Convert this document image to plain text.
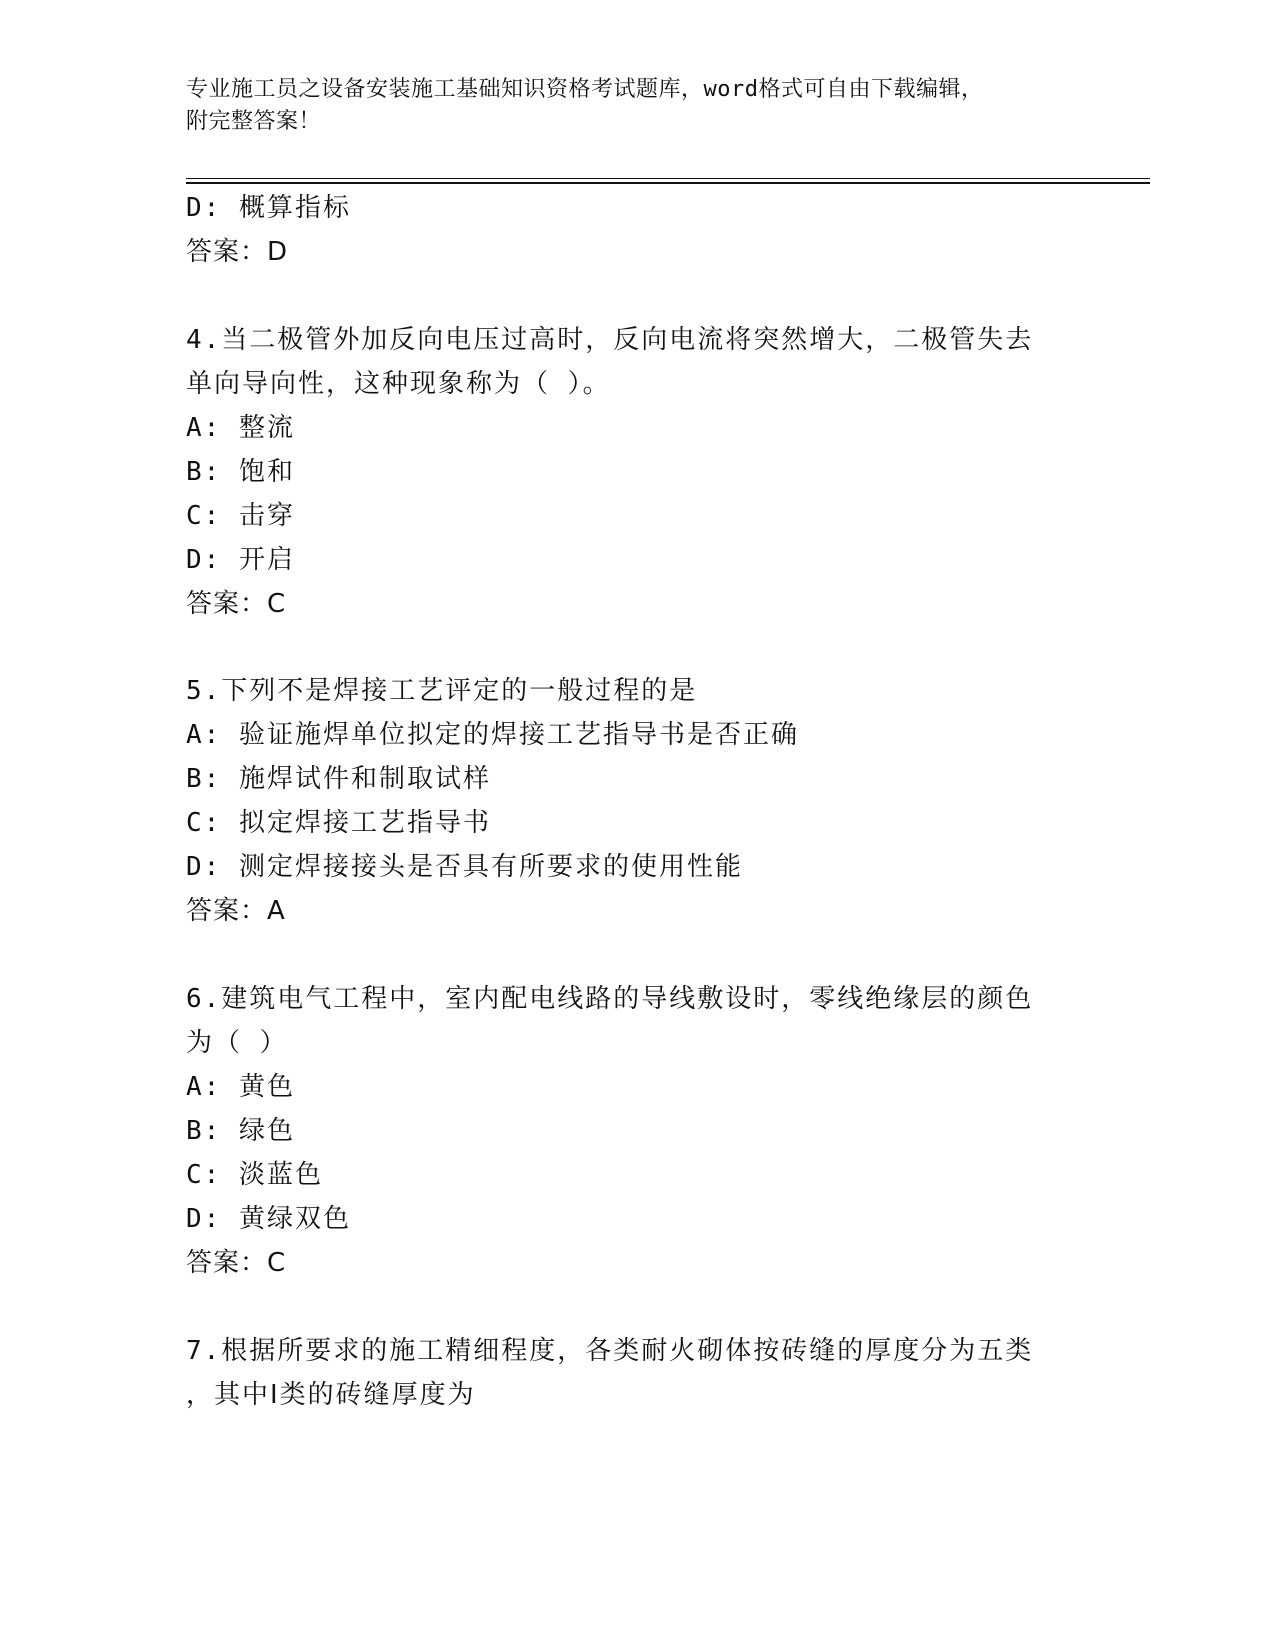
专业施工员之设备安装施工基础知识资格考试题库，word格式可自由下载编辑，
附完整答案！
D: 概算指标
答案：D
4.当二极管外加反向电压过高时，反向电流将突然增大，二极管失去
单向导向性，这种现象称为（ ）。
A: 整流
B: 饱和
C: 击穿
D: 开启
答案：C
5.下列不是焊接工艺评定的一般过程的是
A: 验证施焊单位拟定的焊接工艺指导书是否正确
B: 施焊试件和制取试样
C: 拟定焊接工艺指导书
D: 测定焊接接头是否具有所要求的使用性能
答案：A
6.建筑电气工程中，室内配电线路的导线敷设时，零线绝缘层的颜色
为（ ）
A: 黄色
B: 绿色
C: 淡蓝色
D: 黄绿双色
答案：C
7.根据所要求的施工精细程度，各类耐火砌体按砖缝的厚度分为五类
，其中Ⅰ类的砖缝厚度为
